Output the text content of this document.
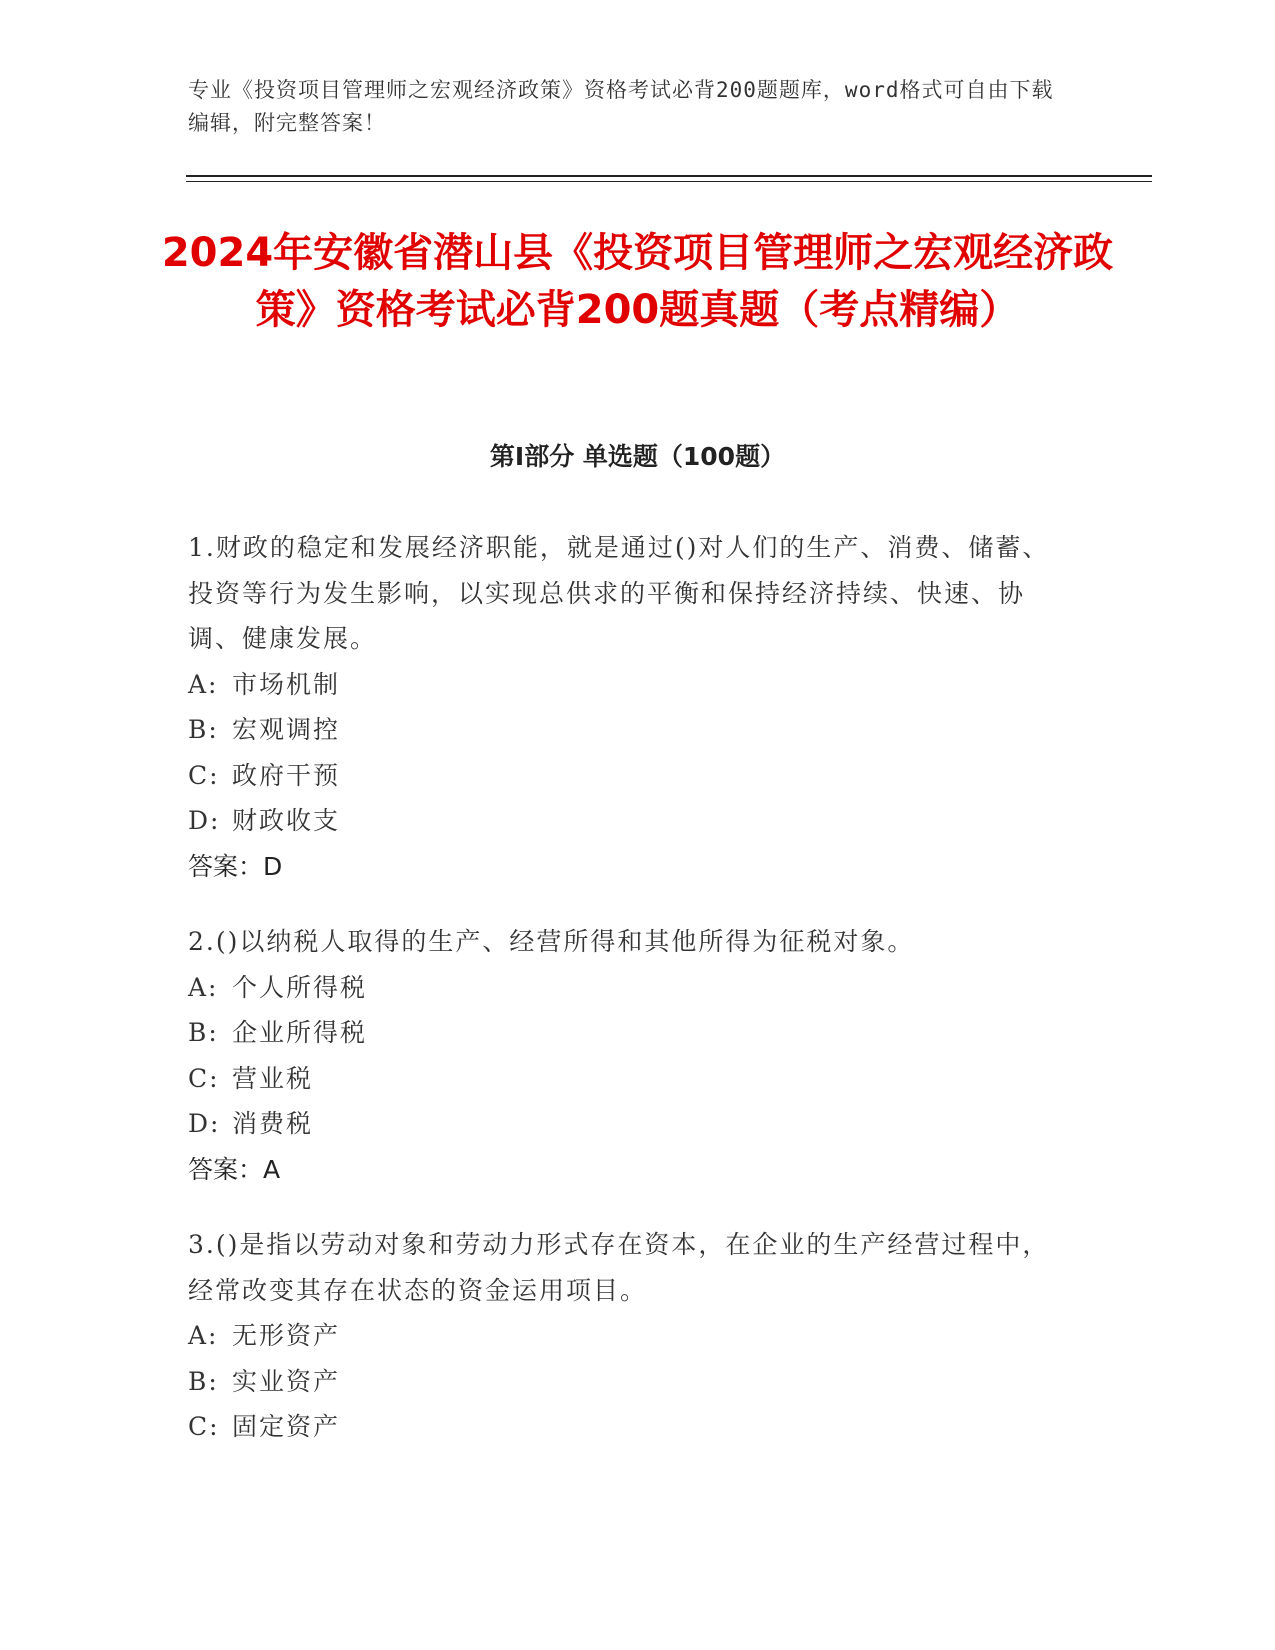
专业《投资项目管理师之宏观经济政策》资格考试必背200题题库，word格式可自由下载编辑，附完整答案！
2024年安徽省潜山县《投资项目管理师之宏观经济政策》资格考试必背200题真题（考点精编）
第I部分 单选题（100题）
1.财政的稳定和发展经济职能，就是通过()对人们的生产、消费、储蓄、投资等行为发生影响，以实现总供求的平衡和保持经济持续、快速、协调、健康发展。
A: 市场机制
B: 宏观调控
C: 政府干预
D: 财政收支
答案：D
2.()以纳税人取得的生产、经营所得和其他所得为征税对象。
A: 个人所得税
B: 企业所得税
C: 营业税
D: 消费税
答案：A
3.()是指以劳动对象和劳动力形式存在资本，在企业的生产经营过程中，经常改变其存在状态的资金运用项目。
A: 无形资产
B: 实业资产
C: 固定资产
